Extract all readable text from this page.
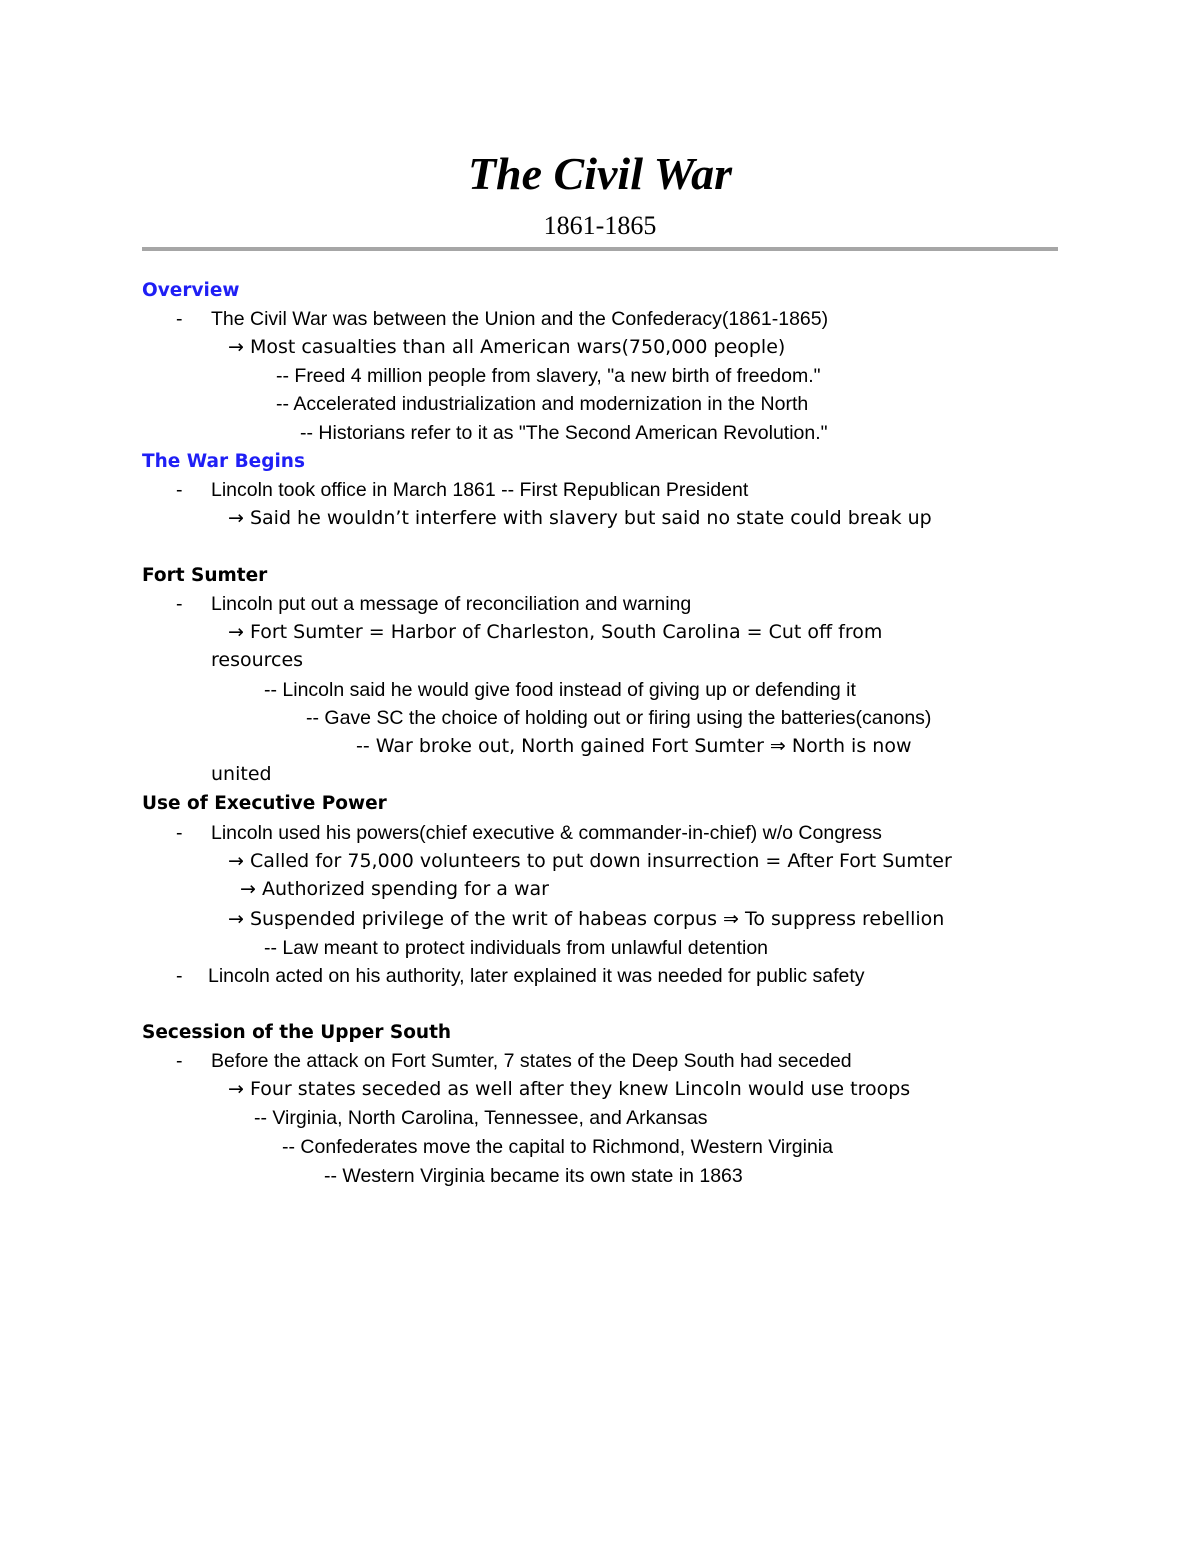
The Civil War
1861-1865
Overview
- The Civil War was between the Union and the Confederacy(1861-1865)
→ Most casualties than all American wars(750,000 people)
-- Freed 4 million people from slavery, "a new birth of freedom."
-- Accelerated industrialization and modernization in the North
-- Historians refer to it as "The Second American Revolution."
The War Begins
- Lincoln took office in March 1861 -- First Republican President
→ Said he wouldn’t interfere with slavery but said no state could break up
Fort Sumter
- Lincoln put out a message of reconciliation and warning
→ Fort Sumter = Harbor of Charleston, South Carolina = Cut off from
resources
-- Lincoln said he would give food instead of giving up or defending it
-- Gave SC the choice of holding out or firing using the batteries(canons)
-- War broke out, North gained Fort Sumter ⇒ North is now
united
Use of Executive Power
- Lincoln used his powers(chief executive & commander-in-chief) w/o Congress
→ Called for 75,000 volunteers to put down insurrection = After Fort Sumter
→ Authorized spending for a war
→ Suspended privilege of the writ of habeas corpus ⇒ To suppress rebellion
-- Law meant to protect individuals from unlawful detention
- Lincoln acted on his authority, later explained it was needed for public safety
Secession of the Upper South
- Before the attack on Fort Sumter, 7 states of the Deep South had seceded
→ Four states seceded as well after they knew Lincoln would use troops
-- Virginia, North Carolina, Tennessee, and Arkansas
-- Confederates move the capital to Richmond, Western Virginia
-- Western Virginia became its own state in 1863
